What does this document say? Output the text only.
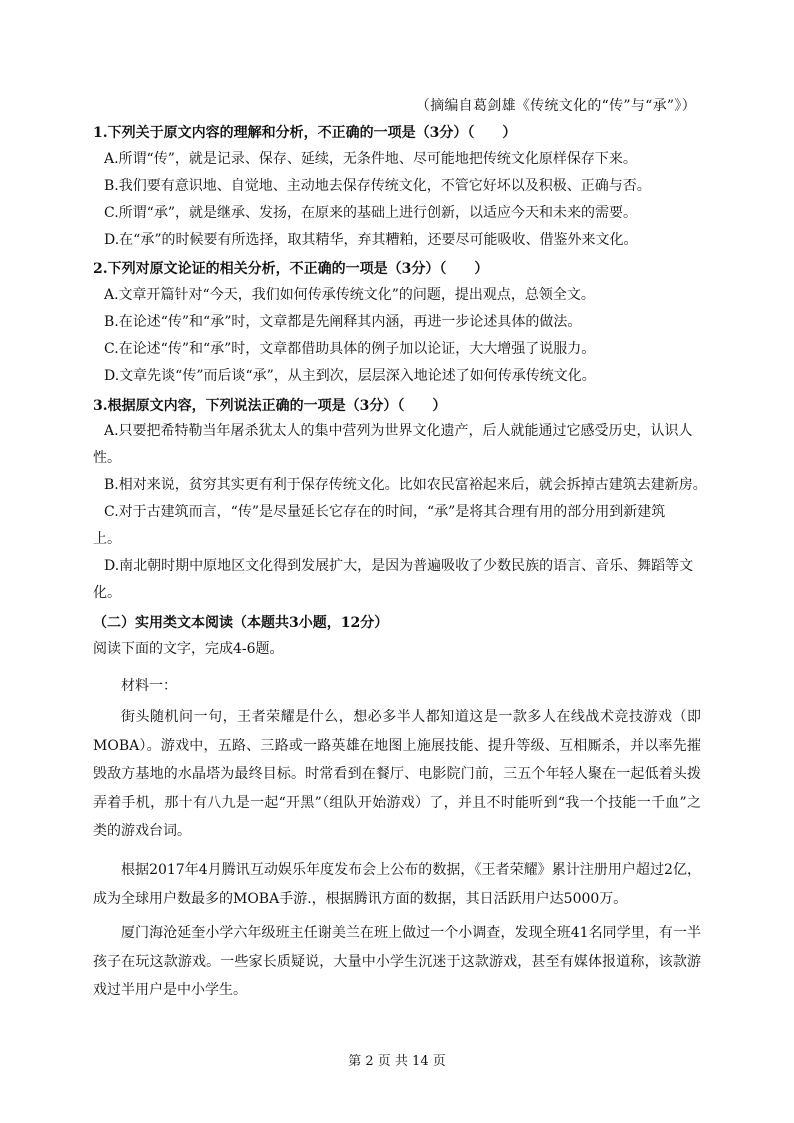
（摘编自葛剑雄《传统文化的“传”与“承”》）
1.下列关于原文内容的理解和分析，不正确的一项是（3分）（　　）
A.所谓“传”，就是记录、保存、延续，无条件地、尽可能地把传统文化原样保存下来。
B.我们要有意识地、自觉地、主动地去保存传统文化，不管它好坏以及积极、正确与否。
C.所谓“承”，就是继承、发扬，在原来的基础上进行创新，以适应今天和未来的需要。
D.在“承”的时候要有所选择，取其精华，弃其糟粕，还要尽可能吸收、借鉴外来文化。
2.下列对原文论证的相关分析，不正确的一项是（3分）（　　）
A.文章开篇针对“今天，我们如何传承传统文化”的问题，提出观点，总领全文。
B.在论述“传”和“承”时，文章都是先阐释其内涵，再进一步论述具体的做法。
C.在论述“传”和“承”时，文章都借助具体的例子加以论证，大大增强了说服力。
D.文章先谈“传”而后谈“承”，从主到次，层层深入地论述了如何传承传统文化。
3.根据原文内容，下列说法正确的一项是（3分）（　　）
A.只要把希特勒当年屠杀犹太人的集中营列为世界文化遗产，后人就能通过它感受历史，认识人
性。
B.相对来说，贫穷其实更有利于保存传统文化。比如农民富裕起来后，就会拆掉古建筑去建新房。
C.对于古建筑而言，“传”是尽量延长它存在的时间，“承”是将其合理有用的部分用到新建筑
上。
D.南北朝时期中原地区文化得到发展扩大，是因为普遍吸收了少数民族的语言、音乐、舞蹈等文
化。
（二）实用类文本阅读（本题共3小题，12分）
阅读下面的文字，完成4-6题。
材料一：
街头随机问一句，王者荣耀是什么，想必多半人都知道这是一款多人在线战术竞技游戏（即MOBA）。游戏中，五路、三路或一路英雄在地图上施展技能、提升等级、互相厮杀，并以率先摧毁敌方基地的水晶塔为最终目标。时常看到在餐厅、电影院门前，三五个年轻人聚在一起低着头拨弄着手机，那十有八九是一起“开黑”（组队开始游戏）了，并且不时能听到“我一个技能一千血”之类的游戏台词。
根据2017年4月腾讯互动娱乐年度发布会上公布的数据，《王者荣耀》累计注册用户超过2亿，成为全球用户数最多的MOBA手游.，根据腾讯方面的数据，其日活跃用户达5000万。
厦门海沧延奎小学六年级班主任谢美兰在班上做过一个小调查，发现全班41名同学里，有一半孩子在玩这款游戏。一些家长质疑说，大量中小学生沉迷于这款游戏，甚至有媒体报道称，该款游戏过半用户是中小学生。
第 2 页 共 14 页
